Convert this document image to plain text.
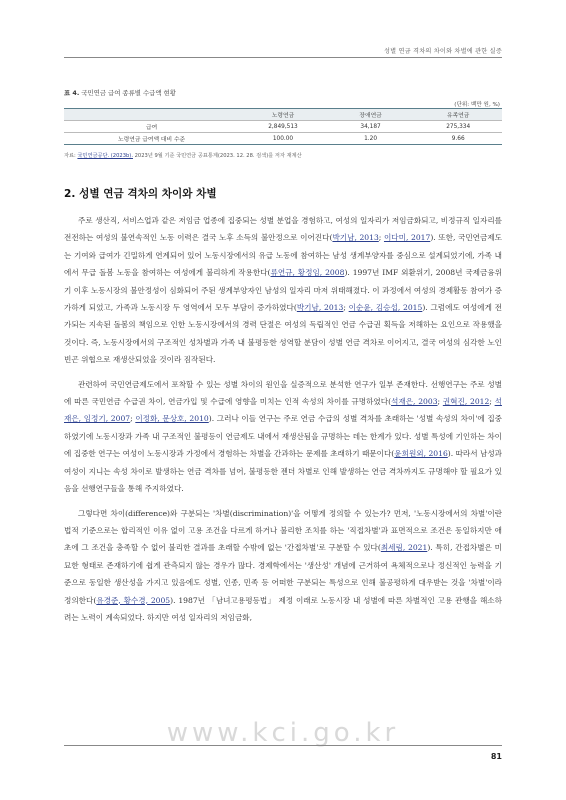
성별 연금 격차의 차이와 차별에 관한 실증
표 4. 국민연금 급여 종류별 수급액 현황
(단위: 백만 원, %)
	노령연금	장애연금	유족연금
급여	2,849,513	34,187	275,334
노령연금 급여액 대비 수준	100.00	1.20	9.66
자료: 국민연금공단. (2023b). 2023년 9월 기준 국민연금 공표통계(2023. 12. 28. 검색)를 저자 재계산
2. 성별 연금 격차의 차이와 차별

주로 생산직, 서비스업과 같은 저임금 업종에 집중되는 성별 분업을 경험하고, 여성의 일자리가 저임금화되고, 비정규직 일자리를 전전하는 여성의 불연속적인 노동 이력은 결국 노후 소득의 불안정으로 이어진다(박기남, 2013; 이다미, 2017). 또한, 국민연금제도는 기여와 급여가 긴밀하게 연계되어 있어 노동시장에서의 유급 노동에 참여하는 남성 생계부양자를 중심으로 설계되었기에, 가족 내에서 무급 돌봄 노동을 참여하는 여성에게 불리하게 작용한다(류연규, 황정임, 2008). 1997년 IMF 외환위기, 2008년 국제금융위기 이후 노동시장의 불안정성이 심화되어 주된 생계부양자인 남성의 일자리 마저 위태해졌다. 이 과정에서 여성의 경제활동 참여가 증가하게 되었고, 가족과 노동시장 두 영역에서 모두 부담이 증가하였다(박기남, 2013; 이순윤, 김승섭, 2015). 그럼에도 여성에게 전가되는 지속된 돌봄의 책임으로 인한 노동시장에서의 경력 단절은 여성의 독립적인 연금 수급권 획득을 저해하는 요인으로 작용했을 것이다. 즉, 노동시장에서의 구조적인 성차별과 가족 내 불평등한 성역할 분담이 성별 연금 격차로 이어지고, 결국 여성의 심각한 노인 빈곤 위협으로 재생산되었을 것이라 짐작된다.

관련하여 국민연금제도에서 포착할 수 있는 성별 차이의 원인을 실증적으로 분석한 연구가 일부 존재한다. 선행연구는 주로 성별에 따른 국민연금 수급권 차이, 연금가입 및 수급에 영향을 미치는 인적 속성의 차이를 규명하였다(석재은, 2003; 권혁진, 2012; 석재은, 임정기, 2007; 이정화, 문상호, 2010). 그러나 이들 연구는 주로 연금 수급의 성별 격차를 초래하는 '성별 속성의 차이'에 집중하였기에 노동시장과 가족 내 구조적인 불평등이 연금제도 내에서 재생산됨을 규명하는 데는 한계가 있다. 성별 특성에 기인하는 차이에 집중한 연구는 여성이 노동시장과 가정에서 경험하는 차별을 간과하는 문제를 초래하기 때문이다(윤희원외, 2016). 따라서 남성과 여성이 지니는 속성 차이로 발생하는 연금 격차를 넘어, 불평등한 젠더 차별로 인해 발생하는 연금 격차까지도 규명해야 할 필요가 있음을 선행연구들을 통해 주지하였다.

그렇다면 차이(difference)와 구분되는 '차별(discrimination)'을 어떻게 정의할 수 있는가? 먼저, '노동시장에서의 차별'이란 법적 기준으로는 합리적인 이유 없이 고용 조건을 다르게 하거나 불리한 조치를 하는 '직접차별'과 표면적으로 조건은 동일하지만 애초에 그 조건을 충족할 수 없어 불리한 결과를 초래할 수밖에 없는 '간접차별'로 구분할 수 있다(최세림, 2021). 특히, 간접차별은 미묘한 형태로 존재하기에 쉽게 관측되지 않는 경우가 많다. 경제학에서는 '생산성' 개념에 근거하여 욕체적으로나 정신적인 능력을 기준으로 동일한 생산성을 가지고 있음에도 성별, 인종, 민족 등 어떠한 구분되는 특성으로 인해 불공평하게 대우받는 것을 '차별'이라 정의한다(유경준, 황수경, 2005). 1987년 「남녀고용평등법」 제정 이래로 노동시장 내 성별에 따른 차별적인 고용 관행을 해소하려는 노력이 계속되었다. 하지만 여성 일자리의 저임금화,

www.kci.go.kr
81
